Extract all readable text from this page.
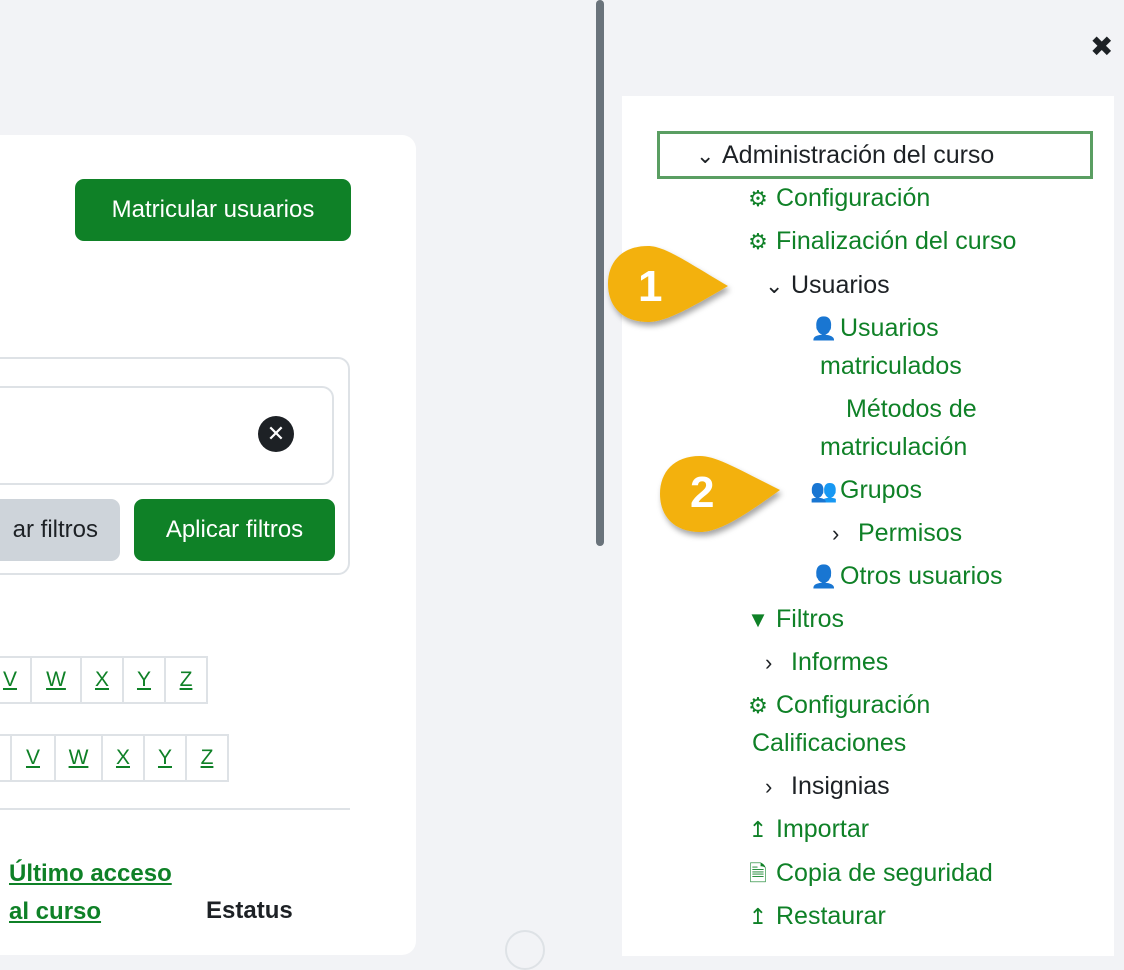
Matricular usuarios
✕
ar filtros	Aplicar filtros
V	W	X	Y	Z
V	W	X	Y	Z
Último acceso
al curso	Estatus
✖
⌄ Administración del curso
⚙ Configuración
⚙ Finalización del curso
⌄ Usuarios
👤 Usuarios
matriculados
Métodos de
matriculación
👥 Grupos
› Permisos
👤 Otros usuarios
▼ Filtros
› Informes
⚙ Configuración
Calificaciones
› Insignias
↥ Importar
🗎 Copia de seguridad
↥ Restaurar
1
2
